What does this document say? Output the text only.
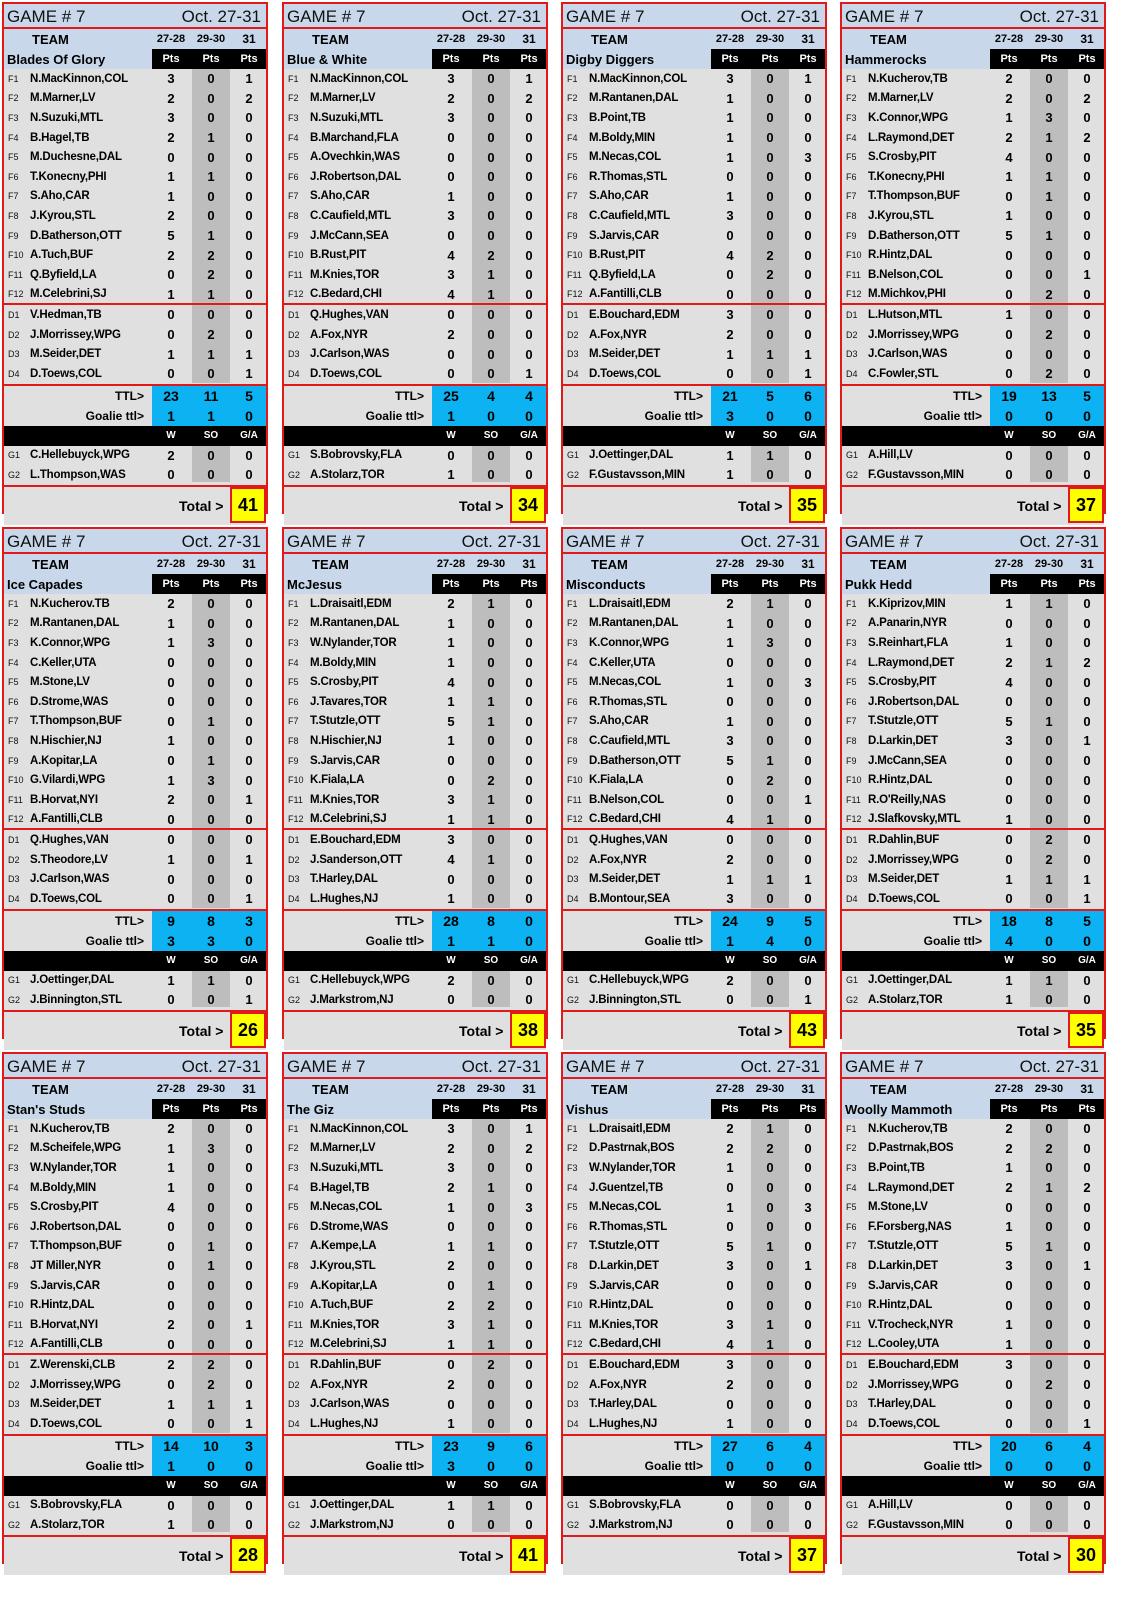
GAME # 7	Oct. 27-31
TEAM	27-28	29-30	31
Blades Of Glory	Pts	Pts	Pts
F1 N.MacKinnon,COL	3	0	1
F2 M.Marner,LV	2	0	2
F3 N.Suzuki,MTL	3	0	0
F4 B.Hagel,TB	2	1	0
F5 M.Duchesne,DAL	0	0	0
F6 T.Konecny,PHI	1	1	0
F7 S.Aho,CAR	1	0	0
F8 J.Kyrou,STL	2	0	0
F9 D.Batherson,OTT	5	1	0
F10 A.Tuch,BUF	2	2	0
F11 Q.Byfield,LA	0	2	0
F12 M.Celebrini,SJ	1	1	0
D1 V.Hedman,TB	0	0	0
D2 J.Morrissey,WPG	0	2	0
D3 M.Seider,DET	1	1	1
D4 D.Toews,COL	0	0	1
TTL>	23	11	5
Goalie ttl>	1	1	0
W	SO	G/A
G1 C.Hellebuyck,WPG	2	0	0
G2 L.Thompson,WAS	0	0	0
Total > 41
GAME # 7	Oct. 27-31
TEAM	27-28	29-30	31
Blue & White	Pts	Pts	Pts
F1 N.MacKinnon,COL	3	0	1
F2 M.Marner,LV	2	0	2
F3 N.Suzuki,MTL	3	0	0
F4 B.Marchand,FLA	0	0	0
F5 A.Ovechkin,WAS	0	0	0
F6 J.Robertson,DAL	0	0	0
F7 S.Aho,CAR	1	0	0
F8 C.Caufield,MTL	3	0	0
F9 J.McCann,SEA	0	0	0
F10 B.Rust,PIT	4	2	0
F11 M.Knies,TOR	3	1	0
F12 C.Bedard,CHI	4	1	0
D1 Q.Hughes,VAN	0	0	0
D2 A.Fox,NYR	2	0	0
D3 J.Carlson,WAS	0	0	0
D4 D.Toews,COL	0	0	1
TTL>	25	4	4
Goalie ttl>	1	0	0
W	SO	G/A
G1 S.Bobrovsky,FLA	0	0	0
G2 A.Stolarz,TOR	1	0	0
Total > 34
GAME # 7	Oct. 27-31
TEAM	27-28	29-30	31
Digby Diggers	Pts	Pts	Pts
F1 N.MacKinnon,COL	3	0	1
F2 M.Rantanen,DAL	1	0	0
F3 B.Point,TB	1	0	0
F4 M.Boldy,MIN	1	0	0
F5 M.Necas,COL	1	0	3
F6 R.Thomas,STL	0	0	0
F7 S.Aho,CAR	1	0	0
F8 C.Caufield,MTL	3	0	0
F9 S.Jarvis,CAR	0	0	0
F10 B.Rust,PIT	4	2	0
F11 Q.Byfield,LA	0	2	0
F12 A.Fantilli,CLB	0	0	0
D1 E.Bouchard,EDM	3	0	0
D2 A.Fox,NYR	2	0	0
D3 M.Seider,DET	1	1	1
D4 D.Toews,COL	0	0	1
TTL>	21	5	6
Goalie ttl>	3	0	0
W	SO	G/A
G1 J.Oettinger,DAL	1	1	0
G2 F.Gustavsson,MIN	1	0	0
Total > 35
GAME # 7	Oct. 27-31
TEAM	27-28	29-30	31
Hammerocks	Pts	Pts	Pts
F1 N.Kucherov,TB	2	0	0
F2 M.Marner,LV	2	0	2
F3 K.Connor,WPG	1	3	0
F4 L.Raymond,DET	2	1	2
F5 S.Crosby,PIT	4	0	0
F6 T.Konecny,PHI	1	1	0
F7 T.Thompson,BUF	0	1	0
F8 J.Kyrou,STL	1	0	0
F9 D.Batherson,OTT	5	1	0
F10 R.Hintz,DAL	0	0	0
F11 B.Nelson,COL	0	0	1
F12 M.Michkov,PHI	0	2	0
D1 L.Hutson,MTL	1	0	0
D2 J.Morrissey,WPG	0	2	0
D3 J.Carlson,WAS	0	0	0
D4 C.Fowler,STL	0	2	0
TTL>	19	13	5
Goalie ttl>	0	0	0
W	SO	G/A
G1 A.Hill,LV	0	0	0
G2 F.Gustavsson,MIN	0	0	0
Total > 37
GAME # 7	Oct. 27-31
TEAM	27-28	29-30	31
Ice Capades	Pts	Pts	Pts
F1 N.Kucherov.TB	2	0	0
F2 M.Rantanen,DAL	1	0	0
F3 K.Connor,WPG	1	3	0
F4 C.Keller,UTA	0	0	0
F5 M.Stone,LV	0	0	0
F6 D.Strome,WAS	0	0	0
F7 T.Thompson,BUF	0	1	0
F8 N.Hischier,NJ	1	0	0
F9 A.Kopitar,LA	0	1	0
F10 G.Vilardi,WPG	1	3	0
F11 B.Horvat,NYI	2	0	1
F12 A.Fantilli,CLB	0	0	0
D1 Q.Hughes,VAN	0	0	0
D2 S.Theodore,LV	1	0	1
D3 J.Carlson,WAS	0	0	0
D4 D.Toews,COL	0	0	1
TTL>	9	8	3
Goalie ttl>	3	3	0
W	SO	G/A
G1 J.Oettinger,DAL	1	1	0
G2 J.Binnington,STL	0	0	1
Total > 26
GAME # 7	Oct. 27-31
TEAM	27-28	29-30	31
McJesus	Pts	Pts	Pts
F1 L.Draisaitl,EDM	2	1	0
F2 M.Rantanen,DAL	1	0	0
F3 W.Nylander,TOR	1	0	0
F4 M.Boldy,MIN	1	0	0
F5 S.Crosby,PIT	4	0	0
F6 J.Tavares,TOR	1	1	0
F7 T.Stutzle,OTT	5	1	0
F8 N.Hischier,NJ	1	0	0
F9 S.Jarvis,CAR	0	0	0
F10 K.Fiala,LA	0	2	0
F11 M.Knies,TOR	3	1	0
F12 M.Celebrini,SJ	1	1	0
D1 E.Bouchard,EDM	3	0	0
D2 J.Sanderson,OTT	4	1	0
D3 T.Harley,DAL	0	0	0
D4 L.Hughes,NJ	1	0	0
TTL>	28	8	0
Goalie ttl>	1	1	0
W	SO	G/A
G1 C.Hellebuyck,WPG	2	0	0
G2 J.Markstrom,NJ	0	0	0
Total > 38
GAME # 7	Oct. 27-31
TEAM	27-28	29-30	31
Misconducts	Pts	Pts	Pts
F1 L.Draisaitl,EDM	2	1	0
F2 M.Rantanen,DAL	1	0	0
F3 K.Connor,WPG	1	3	0
F4 C.Keller,UTA	0	0	0
F5 M.Necas,COL	1	0	3
F6 R.Thomas,STL	0	0	0
F7 S.Aho,CAR	1	0	0
F8 C.Caufield,MTL	3	0	0
F9 D.Batherson,OTT	5	1	0
F10 K.Fiala,LA	0	2	0
F11 B.Nelson,COL	0	0	1
F12 C.Bedard,CHI	4	1	0
D1 Q.Hughes,VAN	0	0	0
D2 A.Fox,NYR	2	0	0
D3 M.Seider,DET	1	1	1
D4 B.Montour,SEA	3	0	0
TTL>	24	9	5
Goalie ttl>	1	4	0
W	SO	G/A
G1 C.Hellebuyck,WPG	2	0	0
G2 J.Binnington,STL	0	0	1
Total > 43
GAME # 7	Oct. 27-31
TEAM	27-28	29-30	31
Pukk Hedd	Pts	Pts	Pts
F1 K.Kiprizov,MIN	1	1	0
F2 A.Panarin,NYR	0	0	0
F3 S.Reinhart,FLA	1	0	0
F4 L.Raymond,DET	2	1	2
F5 S.Crosby,PIT	4	0	0
F6 J.Robertson,DAL	0	0	0
F7 T.Stutzle,OTT	5	1	0
F8 D.Larkin,DET	3	0	1
F9 J.McCann,SEA	0	0	0
F10 R.Hintz,DAL	0	0	0
F11 R.O'Reilly,NAS	0	0	0
F12 J.Slafkovsky,MTL	1	0	0
D1 R.Dahlin,BUF	0	2	0
D2 J.Morrissey,WPG	0	2	0
D3 M.Seider,DET	1	1	1
D4 D.Toews,COL	0	0	1
TTL>	18	8	5
Goalie ttl>	4	0	0
W	SO	G/A
G1 J.Oettinger,DAL	1	1	0
G2 A.Stolarz,TOR	1	0	0
Total > 35
GAME # 7	Oct. 27-31
TEAM	27-28	29-30	31
Stan's Studs	Pts	Pts	Pts
F1 N.Kucherov,TB	2	0	0
F2 M.Scheifele,WPG	1	3	0
F3 W.Nylander,TOR	1	0	0
F4 M.Boldy,MIN	1	0	0
F5 S.Crosby,PIT	4	0	0
F6 J.Robertson,DAL	0	0	0
F7 T.Thompson,BUF	0	1	0
F8 JT Miller,NYR	0	1	0
F9 S.Jarvis,CAR	0	0	0
F10 R.Hintz,DAL	0	0	0
F11 B.Horvat,NYI	2	0	1
F12 A.Fantilli,CLB	0	0	0
D1 Z.Werenski,CLB	2	2	0
D2 J.Morrissey,WPG	0	2	0
D3 M.Seider,DET	1	1	1
D4 D.Toews,COL	0	0	1
TTL>	14	10	3
Goalie ttl>	1	0	0
W	SO	G/A
G1 S.Bobrovsky,FLA	0	0	0
G2 A.Stolarz,TOR	1	0	0
Total > 28
GAME # 7	Oct. 27-31
TEAM	27-28	29-30	31
The Giz	Pts	Pts	Pts
F1 N.MacKinnon,COL	3	0	1
F2 M.Marner,LV	2	0	2
F3 N.Suzuki,MTL	3	0	0
F4 B.Hagel,TB	2	1	0
F5 M.Necas,COL	1	0	3
F6 D.Strome,WAS	0	0	0
F7 A.Kempe,LA	1	1	0
F8 J.Kyrou,STL	2	0	0
F9 A.Kopitar,LA	0	1	0
F10 A.Tuch,BUF	2	2	0
F11 M.Knies,TOR	3	1	0
F12 M.Celebrini,SJ	1	1	0
D1 R.Dahlin,BUF	0	2	0
D2 A.Fox,NYR	2	0	0
D3 J.Carlson,WAS	0	0	0
D4 L.Hughes,NJ	1	0	0
TTL>	23	9	6
Goalie ttl>	3	0	0
W	SO	G/A
G1 J.Oettinger,DAL	1	1	0
G2 J.Markstrom,NJ	0	0	0
Total > 41
GAME # 7	Oct. 27-31
TEAM	27-28	29-30	31
Vishus	Pts	Pts	Pts
F1 L.Draisaitl,EDM	2	1	0
F2 D.Pastrnak,BOS	2	2	0
F3 W.Nylander,TOR	1	0	0
F4 J.Guentzel,TB	0	0	0
F5 M.Necas,COL	1	0	3
F6 R.Thomas,STL	0	0	0
F7 T.Stutzle,OTT	5	1	0
F8 D.Larkin,DET	3	0	1
F9 S.Jarvis,CAR	0	0	0
F10 R.Hintz,DAL	0	0	0
F11 M.Knies,TOR	3	1	0
F12 C.Bedard,CHI	4	1	0
D1 E.Bouchard,EDM	3	0	0
D2 A.Fox,NYR	2	0	0
D3 T.Harley,DAL	0	0	0
D4 L.Hughes,NJ	1	0	0
TTL>	27	6	4
Goalie ttl>	0	0	0
W	SO	G/A
G1 S.Bobrovsky,FLA	0	0	0
G2 J.Markstrom,NJ	0	0	0
Total > 37
GAME # 7	Oct. 27-31
TEAM	27-28	29-30	31
Woolly Mammoth	Pts	Pts	Pts
F1 N.Kucherov,TB	2	0	0
F2 D.Pastrnak,BOS	2	2	0
F3 B.Point,TB	1	0	0
F4 L.Raymond,DET	2	1	2
F5 M.Stone,LV	0	0	0
F6 F.Forsberg,NAS	1	0	0
F7 T.Stutzle,OTT	5	1	0
F8 D.Larkin,DET	3	0	1
F9 S.Jarvis,CAR	0	0	0
F10 R.Hintz,DAL	0	0	0
F11 V.Trocheck,NYR	1	0	0
F12 L.Cooley,UTA	1	0	0
D1 E.Bouchard,EDM	3	0	0
D2 J.Morrissey,WPG	0	2	0
D3 T.Harley,DAL	0	0	0
D4 D.Toews,COL	0	0	1
TTL>	20	6	4
Goalie ttl>	0	0	0
W	SO	G/A
G1 A.Hill,LV	0	0	0
G2 F.Gustavsson,MIN	0	0	0
Total > 30
